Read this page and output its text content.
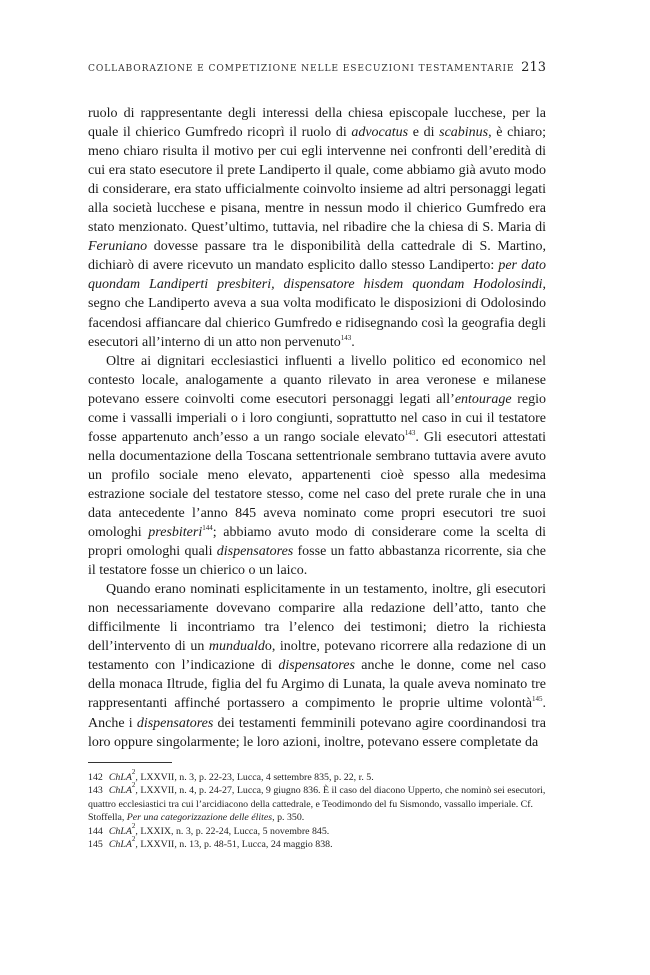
COLLABORAZIONE E COMPETIZIONE NELLE ESECUZIONI TESTAMENTARIE 213

ruolo di rappresentante degli interessi della chiesa episcopale lucchese, per la quale il chierico Gumfredo ricoprì il ruolo di advocatus e di scabinus, è chiaro; meno chiaro risulta il motivo per cui egli intervenne nei confronti dell’eredità di cui era stato esecutore il prete Landiperto il quale, come abbiamo già avuto modo di considerare, era stato ufficialmente coinvolto insieme ad altri personaggi legati alla società lucchese e pisana, mentre in nessun modo il chierico Gumfredo era stato menzionato. Quest’ultimo, tuttavia, nel ribadire che la chiesa di S. Maria di Feruniano dovesse passare tra le disponibilità della cattedrale di S. Martino, dichiarò di avere ricevuto un mandato esplicito dallo stesso Landiperto: per dato quondam Landiperti presbiteri, dispensatore hisdem quondam Hodolosindi, segno che Landiperto aveva a sua volta modificato le disposizioni di Odolosindo facendosi affiancare dal chierico Gumfredo e ridisegnando così la geografia degli esecutori all’interno di un atto non pervenuto$^{143}$.

Oltre ai dignitari ecclesiastici influenti a livello politico ed economico nel contesto locale, analogamente a quanto rilevato in area veronese e milanese potevano essere coinvolti come esecutori personaggi legati all’entourage regio come i vassalli imperiali o i loro congiunti, soprattutto nel caso in cui il testatore fosse appartenuto anch’esso a un rango sociale elevato$^{143}$. Gli esecutori attestati nella documentazione della Toscana settentrionale sembrano tuttavia avere avuto un profilo sociale meno elevato, appartenenti cioè spesso alla medesima estrazione sociale del testatore stesso, come nel caso del prete rurale che in una data antecedente l’anno 845 aveva nominato come propri esecutori tre suoi omologhi presbiteri$^{144}$; abbiamo avuto modo di considerare come la scelta di propri omologhi quali dispensatores fosse un fatto abbastanza ricorrente, sia che il testatore fosse un chierico o un laico.

Quando erano nominati esplicitamente in un testamento, inoltre, gli esecutori non necessariamente dovevano comparire alla redazione dell’atto, tanto che difficilmente li incontriamo tra l’elenco dei testimoni; dietro la richiesta dell’intervento di un mundualdo, inoltre, potevano ricorrere alla redazione di un testamento con l’indicazione di dispensatores anche le donne, come nel caso della monaca Iltrude, figlia del fu Argimo di Lunata, la quale aveva nominato tre rappresentanti affinché portassero a compimento le proprie ultime volontà$^{145}$. Anche i dispensatores dei testamenti femminili potevano agire coordinandosi tra loro oppure singolarmente; le loro azioni, inoltre, potevano essere completate da

142 ChLA$^2$, LXXVII, n. 3, p. 22-23, Lucca, 4 settembre 835, p. 22, r. 5.

143 ChLA$^2$, LXXVII, n. 4, p. 24-27, Lucca, 9 giugno 836. È il caso del diacono Upperto, che nominò sei esecutori, quattro ecclesiastici tra cui l’arcidiacono della cattedrale, e Teodimondo del fu Sismondo, vassallo imperiale. Cf. Stoffella, Per una categorizzazione delle élites, p. 350.

144 ChLA$^2$, LXXIX, n. 3, p. 22-24, Lucca, 5 novembre 845.

145 ChLA$^2$, LXXVII, n. 13, p. 48-51, Lucca, 24 maggio 838.
